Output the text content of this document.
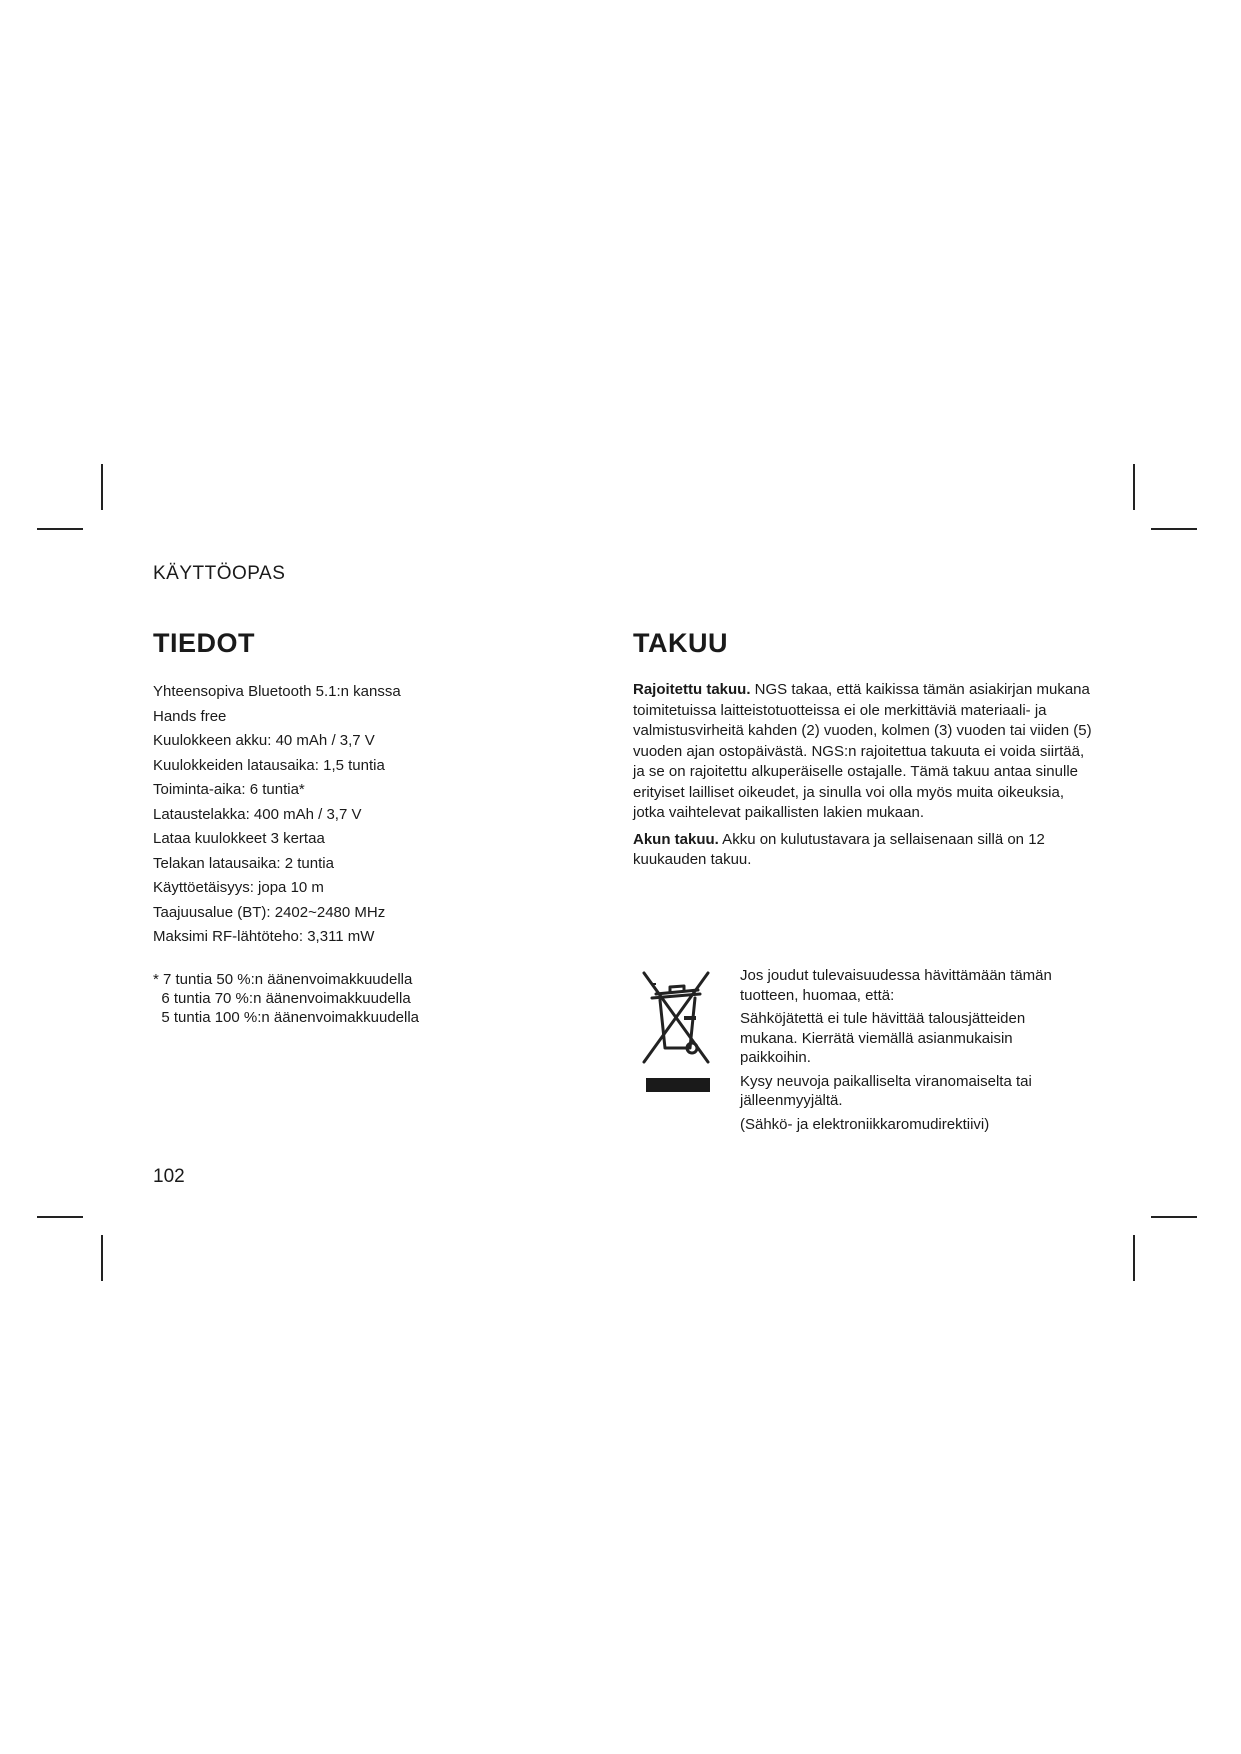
KÄYTTÖOPAS
TIEDOT	TAKUU
Yhteensopiva Bluetooth 5.1:n kanssa
Hands free
Kuulokkeen akku: 40 mAh / 3,7 V
Kuulokkeiden latausaika: 1,5 tuntia
Toiminta-aika: 6 tuntia*
Lataustelakka: 400 mAh / 3,7 V
Lataa kuulokkeet 3 kertaa
Telakan latausaika: 2 tuntia
Käyttöetäisyys: jopa 10 m
Taajuusalue (BT): 2402~2480 MHz
Maksimi RF-lähtöteho: 3,311 mW
* 7 tuntia 50 %:n äänenvoimakkuudella
6 tuntia 70 %:n äänenvoimakkuudella
5 tuntia 100 %:n äänenvoimakkuudella

Rajoitettu takuu. NGS takaa, että kaikissa tämän asiakirjan mukana toimitetuissa laitteistotuotteissa ei ole merkittäviä materiaali- ja valmistusvirheitä kahden (2) vuoden, kolmen (3) vuoden tai viiden (5) vuoden ajan ostopäivästä. NGS:n rajoitettua takuuta ei voida siirtää, ja se on rajoitettu alkuperäiselle ostajalle. Tämä takuu antaa sinulle erityiset lailliset oikeudet, ja sinulla voi olla myös muita oikeuksia, jotka vaihtelevat paikallisten lakien mukaan.

Akun takuu. Akku on kulutustavara ja sellaisenaan sillä on 12 kuukauden takuu.

Jos joudut tulevaisuudessa hävittämään tämän tuotteen, huomaa, että:

Sähköjätettä ei tule hävittää talousjätteiden mukana. Kierrätä viemällä asianmukaisin paikkoihin.

Kysy neuvoja paikalliselta viranomaiselta tai jälleenmyyjältä.

(Sähkö- ja elektroniikkaromudirektiivi)

102
